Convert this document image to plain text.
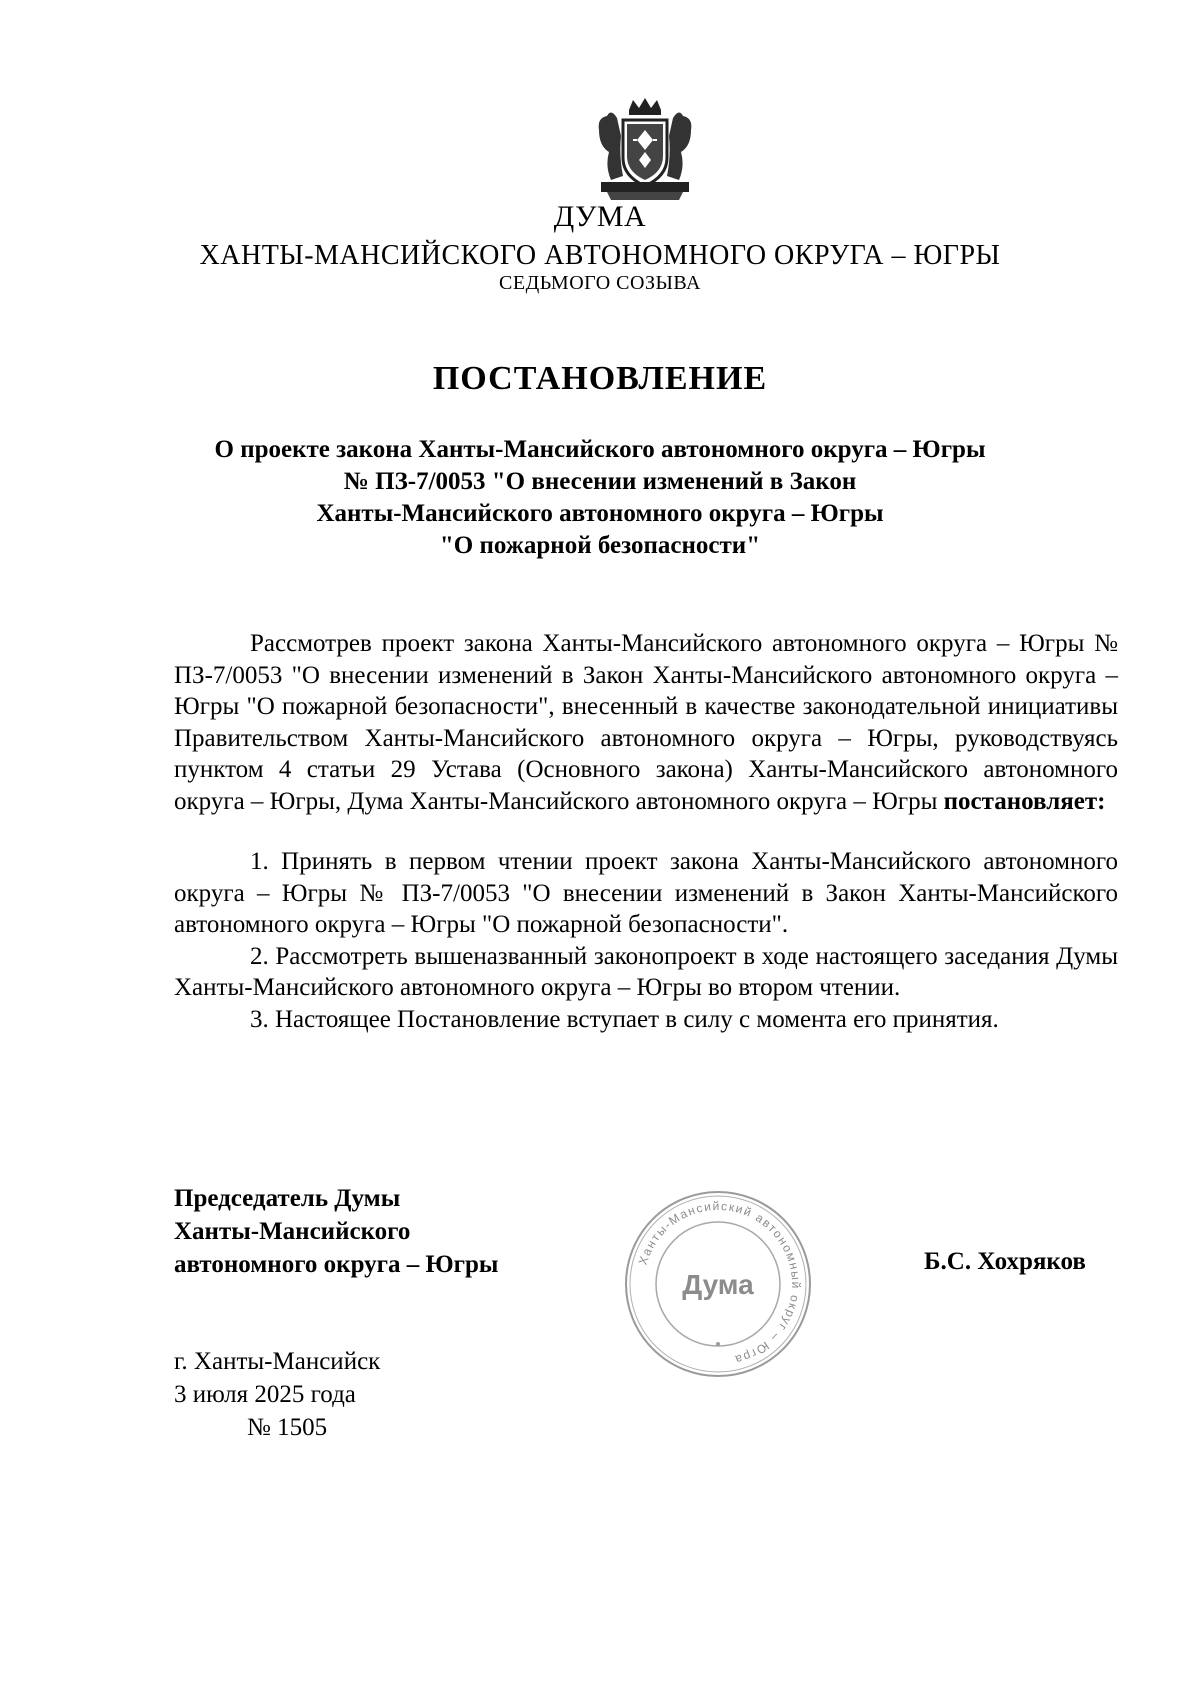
ДУМА
ХАНТЫ-МАНСИЙСКОГО АВТОНОМНОГО ОКРУГА – ЮГРЫ
СЕДЬМОГО СОЗЫВА
ПОСТАНОВЛЕНИЕ
О проекте закона Ханты-Мансийского автономного округа – Югры
№ ПЗ-7/0053 "О внесении изменений в Закон
Ханты-Мансийского автономного округа – Югры
"О пожарной безопасности"

Рассмотрев проект закона Ханты-Мансийского автономного округа – Югры № ПЗ-7/0053 "О внесении изменений в Закон Ханты-Мансийского автономного округа – Югры "О пожарной безопасности", внесенный в качестве законодательной инициативы Правительством Ханты-Мансийского автономного округа – Югры, руководствуясь пунктом 4 статьи 29 Устава (Основного закона) Ханты-Мансийского автономного округа – Югры, Дума Ханты-Мансийского автономного округа – Югры постановляет:

1. Принять в первом чтении проект закона Ханты-Мансийского автономного округа – Югры № ПЗ-7/0053 "О внесении изменений в Закон Ханты-Мансийского автономного округа – Югры "О пожарной безопасности".

2. Рассмотреть вышеназванный законопроект в ходе настоящего заседания Думы Ханты-Мансийского автономного округа – Югры во втором чтении.

3. Настоящее Постановление вступает в силу с момента его принятия.

Председатель Думы
Ханты-Мансийского
автономного округа – Югры	Ханты-Мансийский автономный округ – Югра
Дума
Б.С. Хохряков
г. Ханты-Мансийск
3 июля 2025 года
№ 1505
